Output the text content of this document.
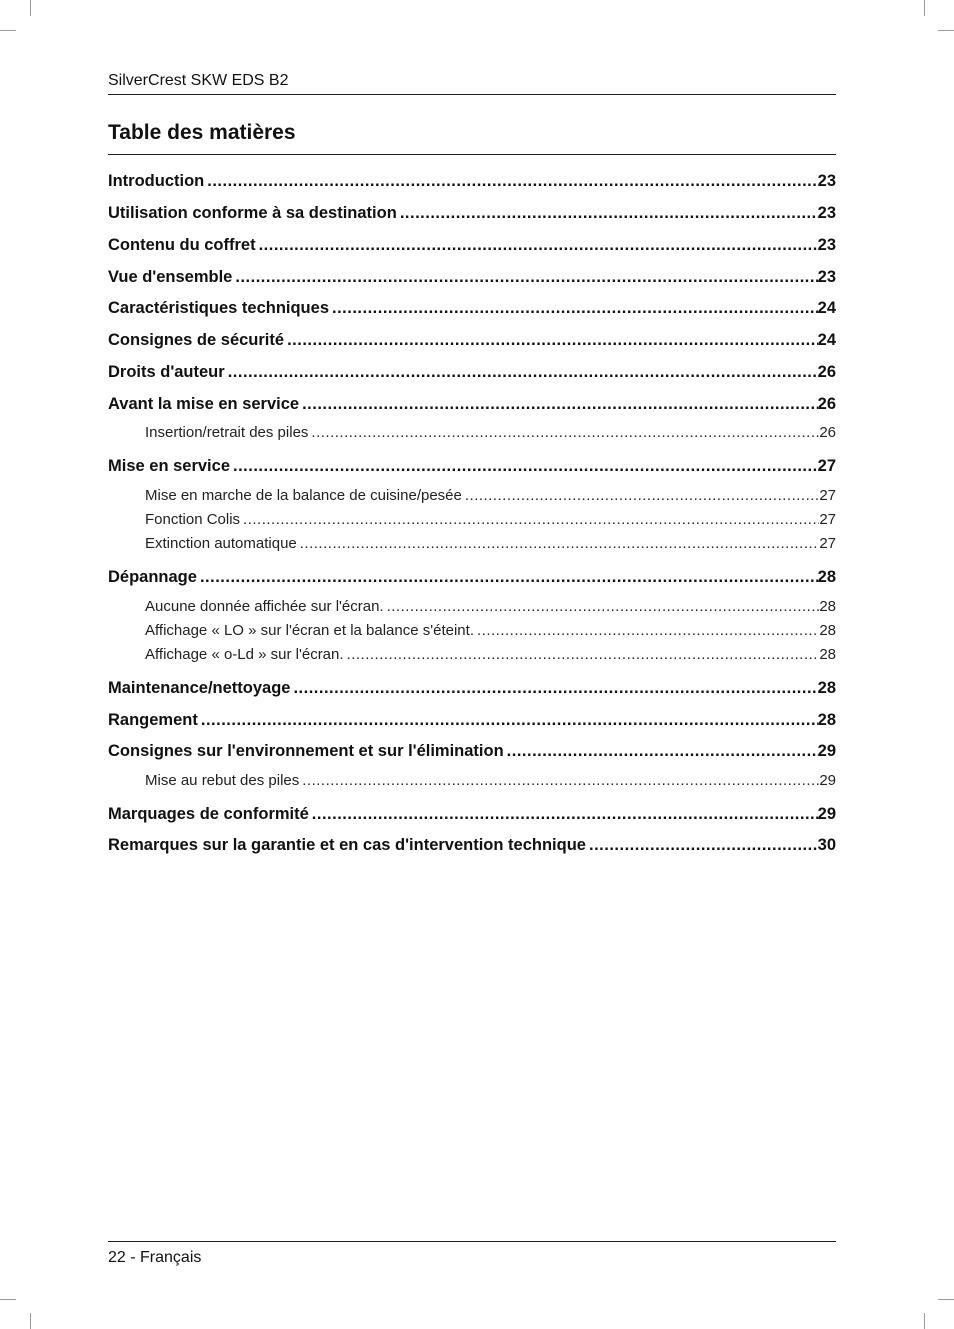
SilverCrest SKW EDS B2
Table des matières
Introduction .....	23
Utilisation conforme à sa destination .....	23
Contenu du coffret .....	23
Vue d'ensemble .....	23
Caractéristiques techniques .....	24
Consignes de sécurité .....	24
Droits d'auteur .....	26
Avant la mise en service .....	26
Insertion/retrait des piles .....	26
Mise en service .....	27
Mise en marche de la balance de cuisine/pesée .....	27
Fonction Colis .....	27
Extinction automatique .....	27
Dépannage .....	28
Aucune donnée affichée sur l'écran. .....	28
Affichage « LO » sur l'écran et la balance s'éteint. .....	28
Affichage « o-Ld » sur l'écran. .....	28
Maintenance/nettoyage .....	28
Rangement .....	28
Consignes sur l'environnement et sur l'élimination .....	29
Mise au rebut des piles .....	29
Marquages de conformité .....	29
Remarques sur la garantie et en cas d'intervention technique .....	30
22 - Français
